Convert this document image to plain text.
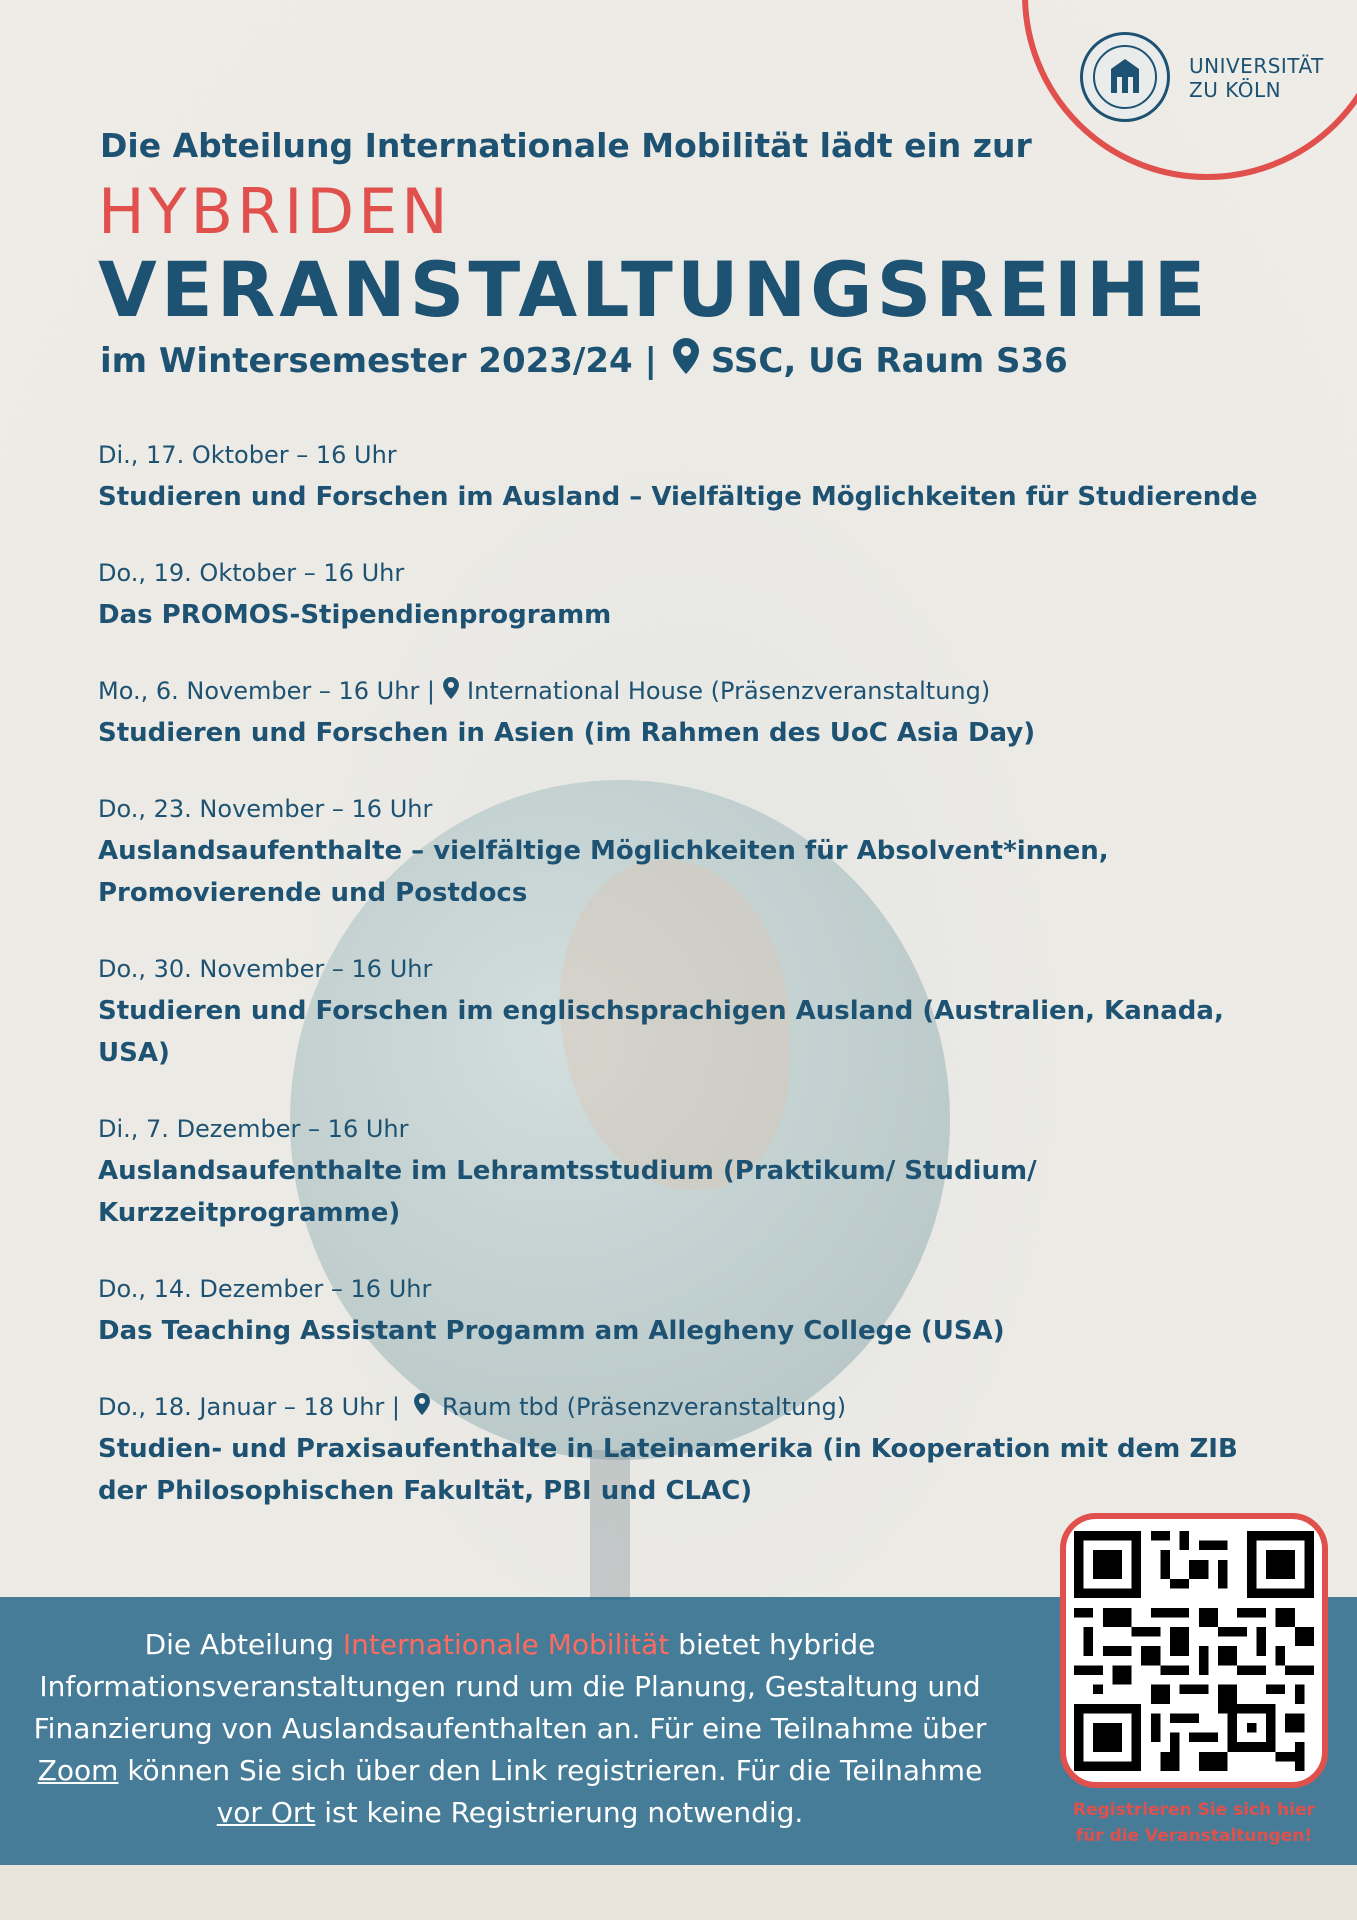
UNIVERSITÄT
ZU KÖLN
Die Abteilung Internationale Mobilität lädt ein zur
HYBRIDEN
VERANSTALTUNGSREIHE
im Wintersemester 2023/24 | SSC, UG Raum S36
Di., 17. Oktober – 16 Uhr
Studieren und Forschen im Ausland – Vielfältige Möglichkeiten für Studierende
Do., 19. Oktober – 16 Uhr
Das PROMOS-Stipendienprogramm
Mo., 6. November – 16 Uhr | International House (Präsenzveranstaltung)
Studieren und Forschen in Asien (im Rahmen des UoC Asia Day)
Do., 23. November – 16 Uhr
Auslandsaufenthalte – vielfältige Möglichkeiten für Absolvent*innen, Promovierende und Postdocs
Do., 30. November – 16 Uhr
Studieren und Forschen im englischsprachigen Ausland (Australien, Kanada, USA)
Di., 7. Dezember – 16 Uhr
Auslandsaufenthalte im Lehramtsstudium (Praktikum/ Studium/ Kurzzeitprogramme)
Do., 14. Dezember – 16 Uhr
Das Teaching Assistant Progamm am Allegheny College (USA)
Do., 18. Januar – 18 Uhr | Raum tbd (Präsenzveranstaltung)
Studien- und Praxisaufenthalte in Lateinamerika (in Kooperation mit dem ZIB der Philosophischen Fakultät, PBI und CLAC)
Die Abteilung Internationale Mobilität bietet hybride Informationsveranstaltungen rund um die Planung, Gestaltung und Finanzierung von Auslandsaufenthalten an. Für eine Teilnahme über Zoom können Sie sich über den Link registrieren. Für die Teilnahme vor Ort ist keine Registrierung notwendig.	Registrieren Sie sich hier
für die Veranstaltungen!
